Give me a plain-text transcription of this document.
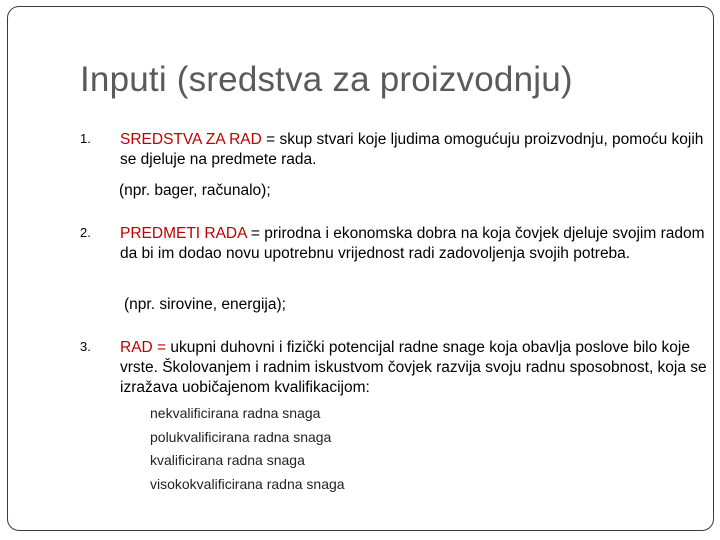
Inputi (sredstva za proizvodnju)
1. SREDSTVA ZA RAD = skup stvari koje ljudima omogućuju proizvodnju, pomoću kojih se djeluje na predmete rada.
(npr. bager, računalo);
2. PREDMETI RADA = prirodna i ekonomska dobra na koja čovjek djeluje svojim radom da bi im dodao novu upotrebnu vrijednost radi zadovoljenja svojih potreba.
(npr. sirovine, energija);
3. RAD = ukupni duhovni i fizički potencijal radne snage koja obavlja poslove bilo koje vrste. Školovanjem i radnim iskustvom čovjek razvija svoju radnu sposobnost, koja se izražava uobičajenom kvalifikacijom:
nekvalificirana radna snaga
polukvalificirana radna snaga
kvalificirana radna snaga
visokokvalificirana radna snaga
